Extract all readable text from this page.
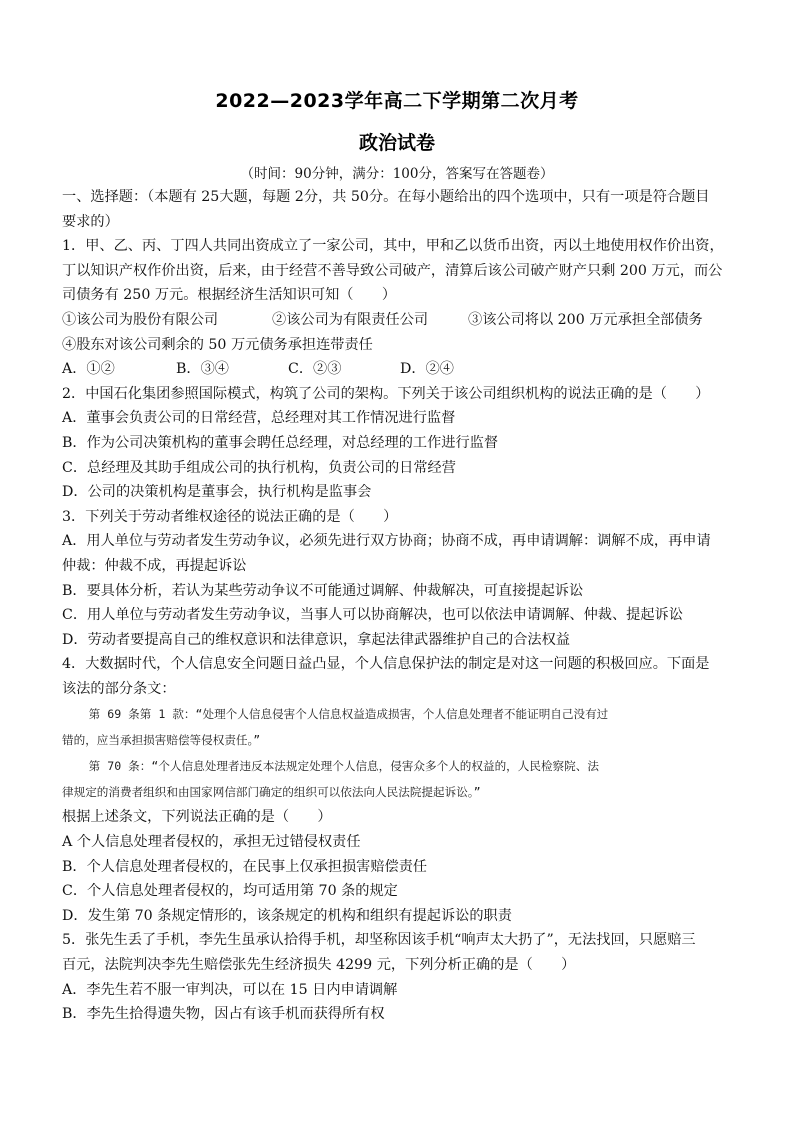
2022—2023学年高二下学期第二次月考
政治试卷
（时间：90分钟，满分：100分，答案写在答题卷）
一、选择题：（本题有 25大题，每题 2分，共 50分。在每小题给出的四个选项中，只有一项是符合题目
要求的）
1．甲、乙、丙、丁四人共同出资成立了一家公司，其中，甲和乙以货币出资，丙以土地使用权作价出资，
丁以知识产权作价出资，后来，由于经营不善导致公司破产，清算后该公司破产财产只剩 200 万元，而公
司债务有 250 万元。根据经济生活知识可知（　　）
①该公司为股份有限公司	②该公司为有限责任公司	③该公司将以 200 万元承担全部债务
④股东对该公司剩余的 50 万元债务承担连带责任
A．①②	B．③④	C．②③	D．②④
2．中国石化集团参照国际模式，构筑了公司的架构。下列关于该公司组织机构的说法正确的是（　　）
A．董事会负责公司的日常经营，总经理对其工作情况进行监督
B．作为公司决策机构的董事会聘任总经理，对总经理的工作进行监督
C．总经理及其助手组成公司的执行机构，负责公司的日常经营
D．公司的决策机构是董事会，执行机构是监事会
3．下列关于劳动者维权途径的说法正确的是（　　）
A．用人单位与劳动者发生劳动争议，必须先进行双方协商；协商不成，再申请调解：调解不成，再申请
仲裁：仲裁不成，再提起诉讼
B．要具体分析，若认为某些劳动争议不可能通过调解、仲裁解决，可直接提起诉讼
C．用人单位与劳动者发生劳动争议，当事人可以协商解决，也可以依法申请调解、仲裁、提起诉讼
D．劳动者要提高自己的维权意识和法律意识，拿起法律武器维护自己的合法权益
4．大数据时代，个人信息安全问题日益凸显，个人信息保护法的制定是对这一问题的积极回应。下面是
该法的部分条文：
第 69 条第 1 款：“处理个人信息侵害个人信息权益造成损害，个人信息处理者不能证明自己没有过
错的，应当承担损害赔偿等侵权责任。”
第 70 条：“个人信息处理者违反本法规定处理个人信息，侵害众多个人的权益的，人民检察院、法
律规定的消费者组织和由国家网信部门确定的组织可以依法向人民法院提起诉讼。”
根据上述条文，下列说法正确的是（　　）
A 个人信息处理者侵权的，承担无过错侵权责任
B．个人信息处理者侵权的，在民事上仅承担损害赔偿责任
C．个人信息处理者侵权的，均可适用第 70 条的规定
D．发生第 70 条规定情形的，该条规定的机构和组织有提起诉讼的职责
5．张先生丢了手机，李先生虽承认拾得手机，却坚称因该手机“响声太大扔了”，无法找回，只愿赔三
百元，法院判决李先生赔偿张先生经济损失 4299 元，下列分析正确的是（　　）
A．李先生若不服一审判决，可以在 15 日内申请调解
B．李先生拾得遗失物，因占有该手机而获得所有权
